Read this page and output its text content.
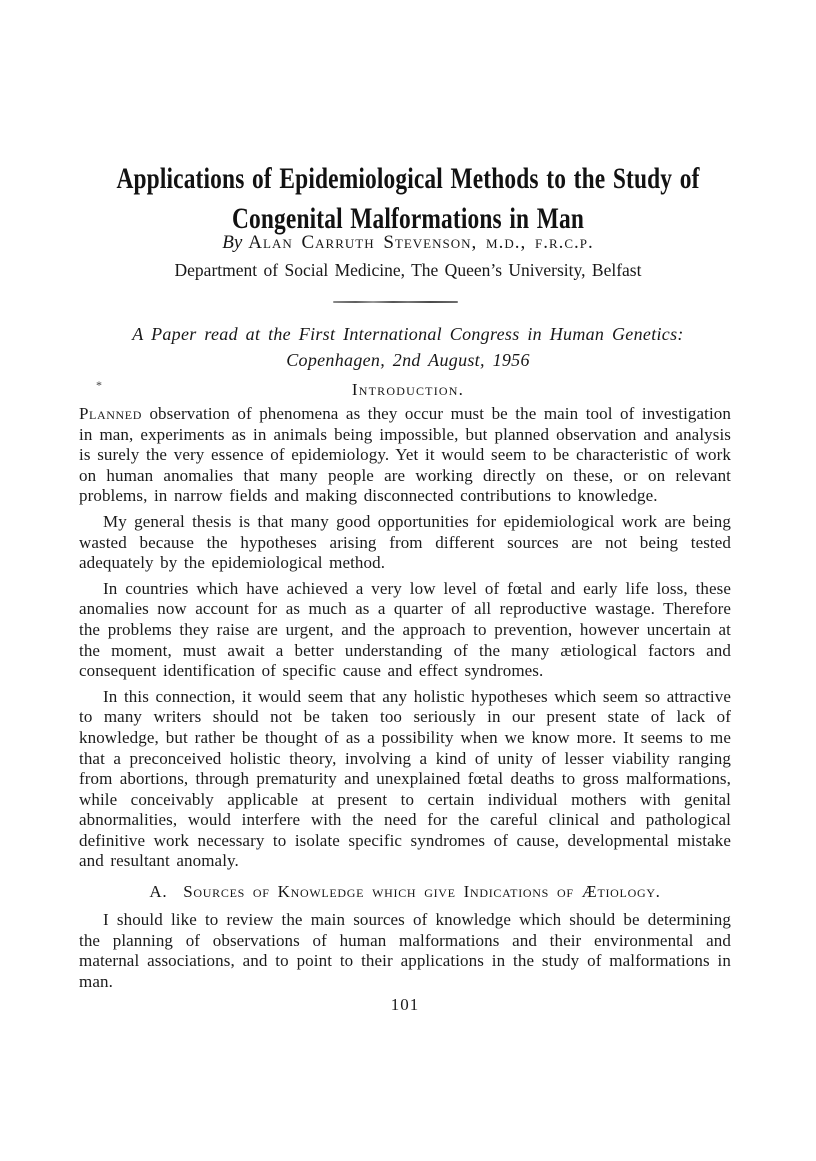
Applications of Epidemiological Methods to the Study of
Congenital Malformations in Man
By Alan Carruth Stevenson, m.d., f.r.c.p.
Department of Social Medicine, The Queen’s University, Belfast
A Paper read at the First International Congress in Human Genetics:
Copenhagen, 2nd August, 1956
*	Introduction.

Planned observation of phenomena as they occur must be the main tool of investigation in man, experiments as in animals being impossible, but planned observation and analysis is surely the very essence of epidemiology. Yet it would seem to be characteristic of work on human anomalies that many people are working directly on these, or on relevant problems, in narrow fields and making disconnected contributions to knowledge.

My general thesis is that many good opportunities for epidemiological work are being wasted because the hypotheses arising from different sources are not being tested adequately by the epidemiological method.

In countries which have achieved a very low level of fœtal and early life loss, these anomalies now account for as much as a quarter of all reproductive wastage. Therefore the problems they raise are urgent, and the approach to prevention, however uncertain at the moment, must await a better understanding of the many ætiological factors and consequent identification of specific cause and effect syndromes.

In this connection, it would seem that any holistic hypotheses which seem so attractive to many writers should not be taken too seriously in our present state of lack of knowledge, but rather be thought of as a possibility when we know more. It seems to me that a preconceived holistic theory, involving a kind of unity of lesser viability ranging from abortions, through prematurity and unexplained fœtal deaths to gross malformations, while conceivably applicable at present to certain individual mothers with genital abnormalities, would interfere with the need for the careful clinical and pathological definitive work necessary to isolate specific syndromes of cause, developmental mistake and resultant anomaly.

A. Sources of Knowledge which give Indications of Ætiology.

I should like to review the main sources of knowledge which should be determining the planning of observations of human malformations and their environmental and maternal associations, and to point to their applications in the study of malformations in man.

101
